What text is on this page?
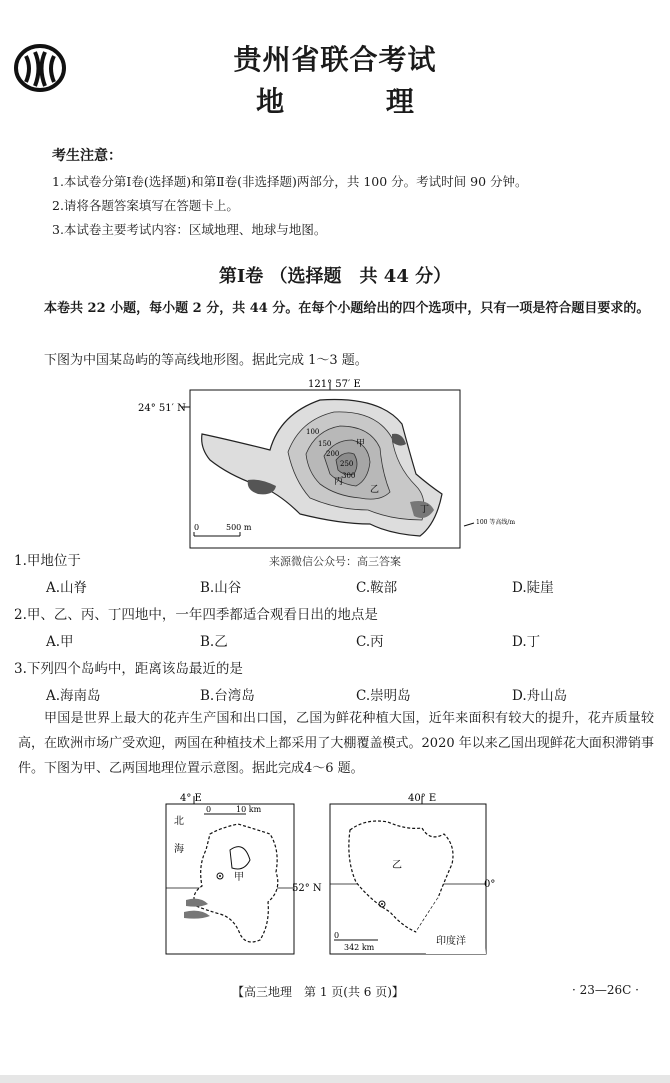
贵州省联合考试
地 理
考生注意：
1.本试卷分第Ⅰ卷(选择题)和第Ⅱ卷(非选择题)两部分，共 100 分。考试时间 90 分钟。
2.请将各题答案填写在答题卡上。
3.本试卷主要考试内容：区域地理、地球与地图。
第Ⅰ卷 （选择题　共 44 分）
本卷共 22 小题，每小题 2 分，共 44 分。在每个小题给出的四个选项中，只有一项是符合题目要求的。
下图为中国某岛屿的等高线地形图。据此完成 1～3 题。
121° 57′ E
24° 51′ N
100
150
200
250
300
甲
乙
丙
丁
0	500 m
100 等高线/m
来源微信公众号：高三答案
1.甲地位于
A.山脊	B.山谷	C.鞍部	D.陡崖
2.甲、乙、丙、丁四地中，一年四季都适合观看日出的地点是
A.甲	B.乙	C.丙	D.丁
3.下列四个岛屿中，距离该岛最近的是
A.海南岛	B.台湾岛	C.崇明岛	D.舟山岛
甲国是世界上最大的花卉生产国和出口国，乙国为鲜花种植大国，近年来面积有较大的提升，花卉质量较高，在欧洲市场广受欢迎，两国在种植技术上都采用了大棚覆盖模式。2020 年以来乙国出现鲜花大面积滞销事件。下图为甲、乙两国地理位置示意图。据此完成4～6 题。
4° E
52° N
北
海
0	10 km
甲
40° E
0°
乙
0
342 km
印度洋
【高三地理　第 1 页(共 6 页)】	· 23—26C ·
